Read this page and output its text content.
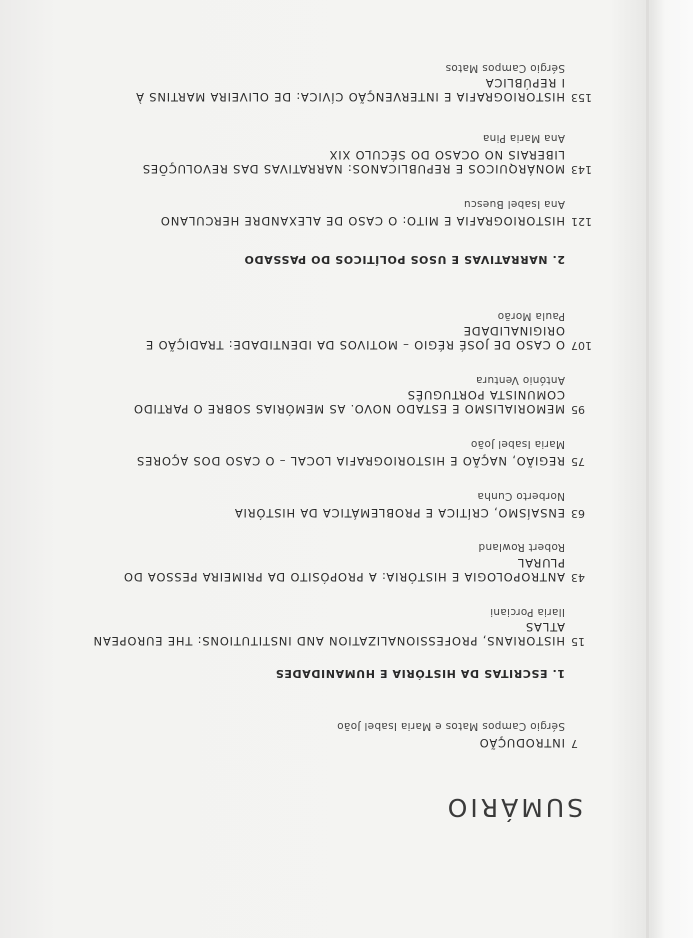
SUMÁRIO
7
INTRODUÇÃO
Sérgio Campos Matos e Maria Isabel João
1. ESCRITAS DA HISTÓRIA E HUMANIDADES
15
HISTORIANS, PROFESSIONALIZATION AND INSTITUTIONS: THE EUROPEAN
ATLAS
Ilaria Porciani
43
ANTROPOLOGIA E HISTÓRIA: A PROPÓSITO DA PRIMEIRA PESSOA DO
PLURAL
Robert Rowland
63
ENSAÍSMO, CRÍTICA E PROBLEMÁTICA DA HISTÓRIA
Norberto Cunha
75
REGIÃO, NAÇÃO E HISTORIOGRAFIA LOCAL – O CASO DOS AÇORES
Maria Isabel João
95
MEMORIALISMO E ESTADO NOVO. AS MEMÓRIAS SOBRE O PARTIDO
COMUNISTA PORTUGUÊS
António Ventura
107
O CASO DE JOSÉ RÉGIO – MOTIVOS DA IDENTIDADE: TRADIÇÃO E
ORIGINALIDADE
Paula Morão
2. NARRATIVAS E USOS POLÍTICOS DO PASSADO
121
HISTORIOGRAFIA E MITO: O CASO DE ALEXANDRE HERCULANO
Ana Isabel Buescu
143
MONÁRQUICOS E REPUBLICANOS: NARRATIVAS DAS REVOLUÇÕES
LIBERAIS NO OCASO DO SÉCULO XIX
Ana Maria Pina
153
HISTORIOGRAFIA E INTERVENÇÃO CÍVICA: DE OLIVEIRA MARTINS À
I REPÚBLICA
Sérgio Campos Matos
